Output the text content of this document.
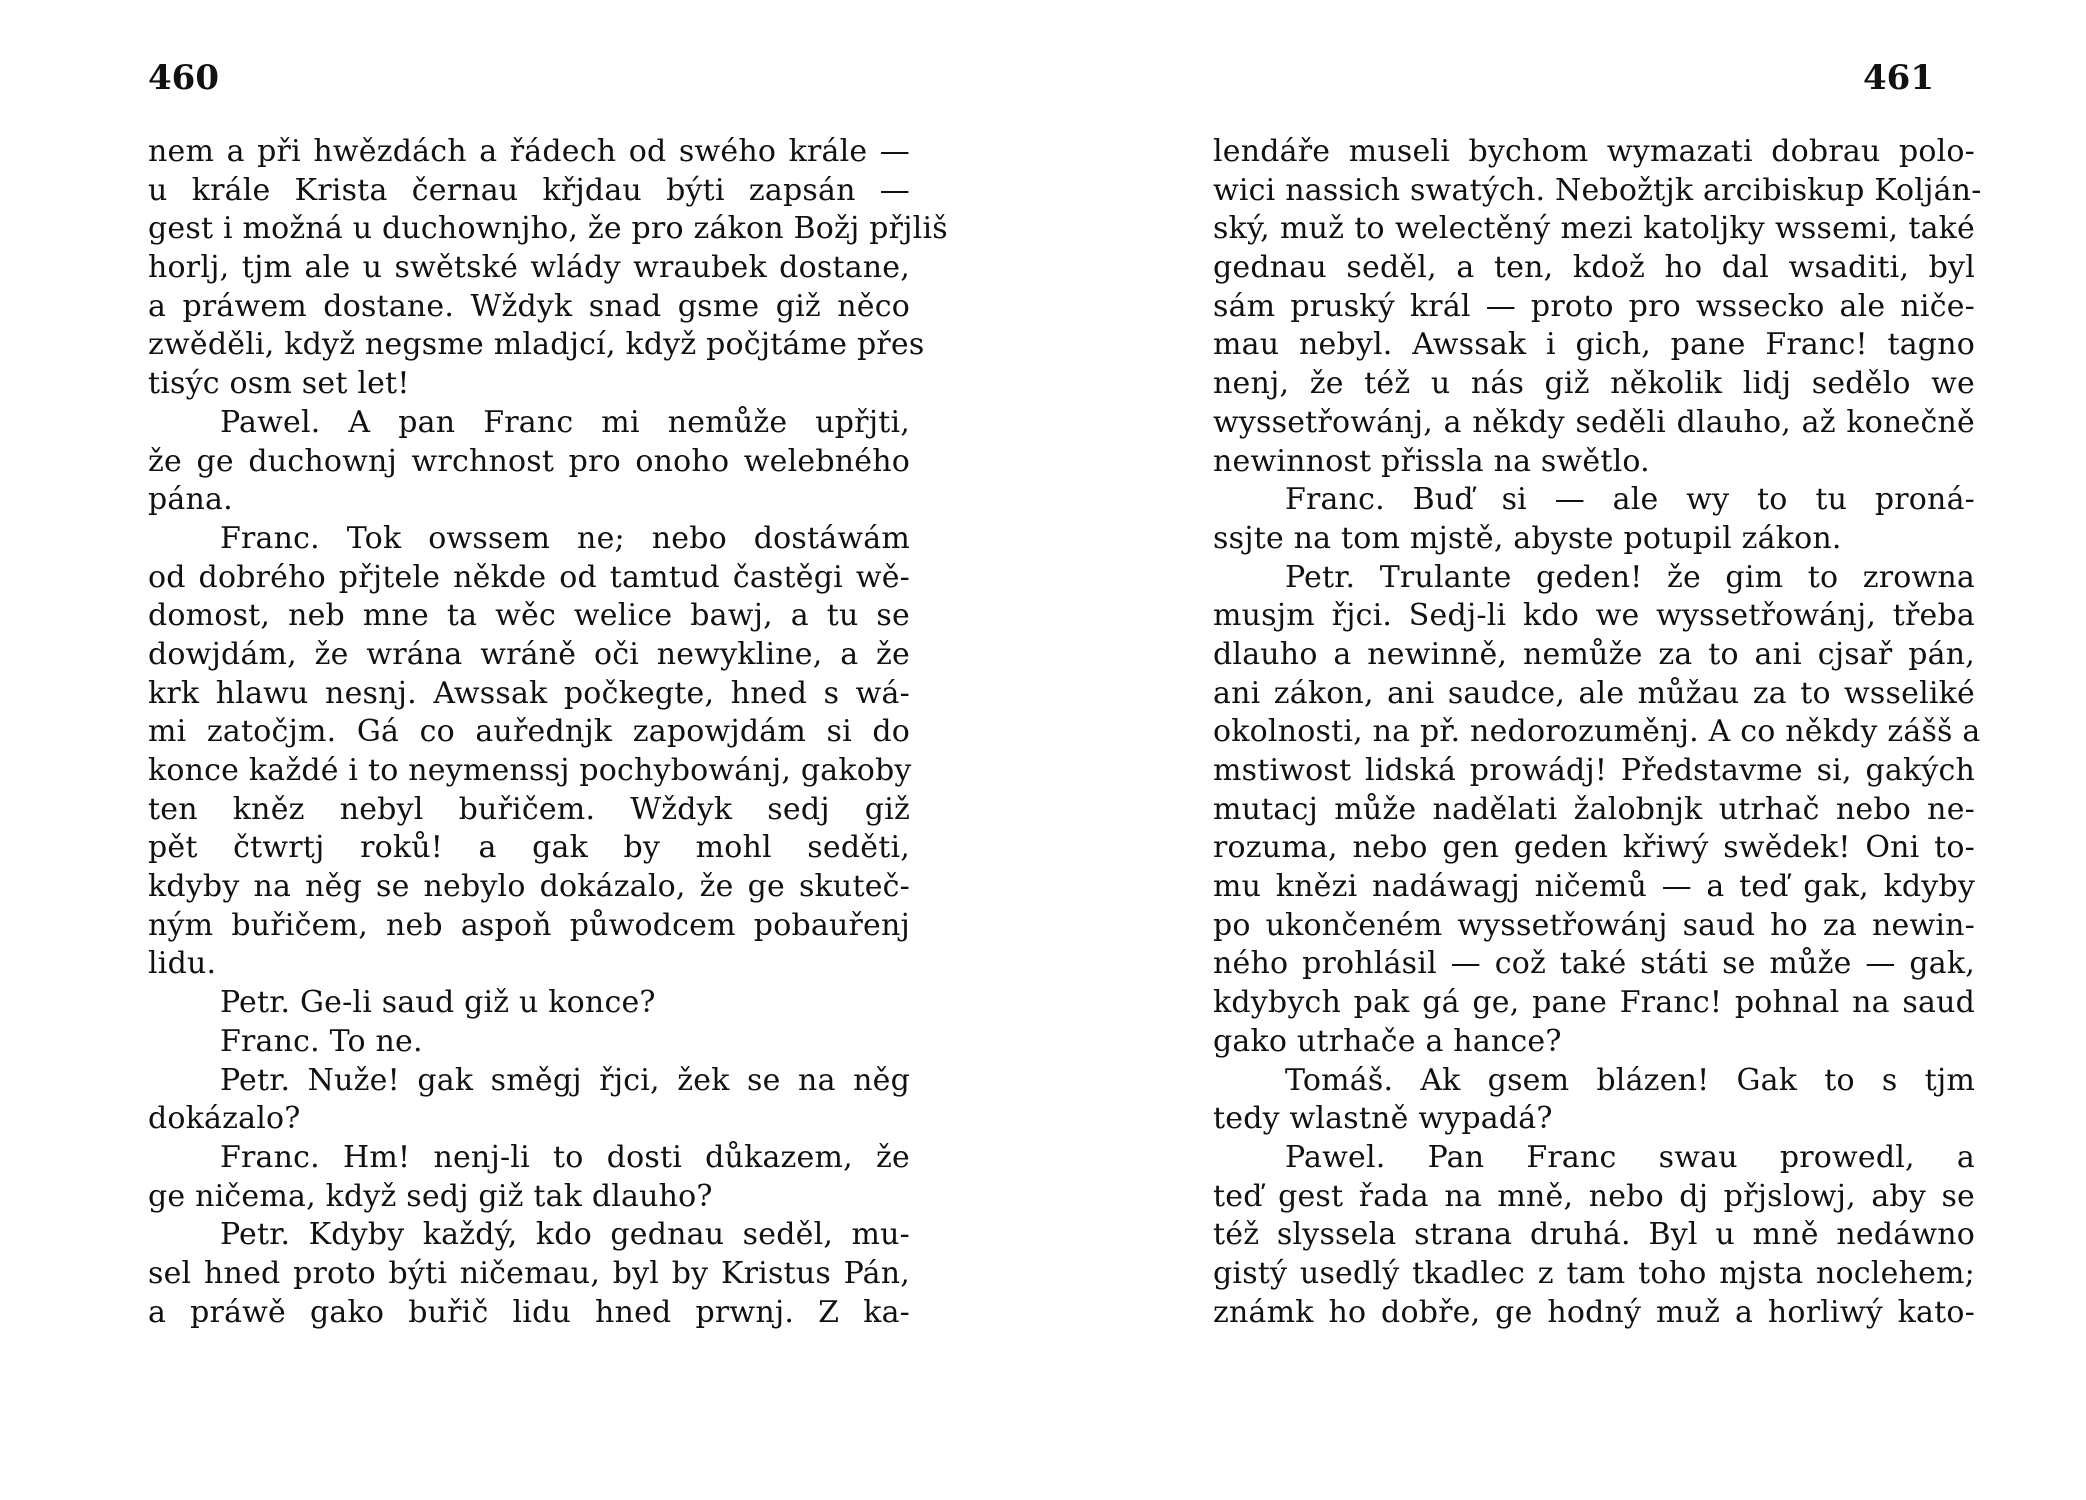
460
nem a při hwězdách a řádech od swého krále —
u krále Krista černau křjdau býti zapsán —
gest i možná u duchownjho, že pro zákon Božj přjliš
horlj, tjm ale u swětské wlády wraubek dostane,
a práwem dostane. Wždyk snad gsme giž něco
zwěděli, když negsme mladjcí, když počjtáme přes
tisýc osm set let!
Pawel. A pan Franc mi nemůže upřjti,
že ge duchownj wrchnost pro onoho welebného
pána.
Franc. Tok owssem ne; nebo dostáwám
od dobrého přjtele někde od tamtud častěgi wě-
domost, neb mne ta wěc welice bawj, a tu se
dowjdám, že wrána wráně oči newykline, a že
krk hlawu nesnj. Awssak počkegte, hned s wá-
mi zatočjm. Gá co auřednjk zapowjdám si do
konce každé i to neymenssj pochybowánj, gakoby
ten kněz nebyl buřičem. Wždyk sedj giž
pět čtwrtj roků! a gak by mohl seděti,
kdyby na něg se nebylo dokázalo, že ge skuteč-
ným buřičem, neb aspoň půwodcem pobauřenj
lidu.
Petr. Ge-li saud giž u konce?
Franc. To ne.
Petr. Nuže! gak směgj řjci, žek se na něg
dokázalo?
Franc. Hm! nenj-li to dosti důkazem, že
ge ničema, když sedj giž tak dlauho?
Petr. Kdyby každý, kdo gednau seděl, mu-
sel hned proto býti ničemau, byl by Kristus Pán,
a práwě gako buřič lidu hned prwnj. Z ka-
461
lendáře museli bychom wymazati dobrau polo-
wici nassich swatých. Nebožtjk arcibiskup Kolján-
ský, muž to welectěný mezi katoljky wssemi, také
gednau seděl, a ten, kdož ho dal wsaditi, byl
sám pruský král — proto pro wssecko ale niče-
mau nebyl. Awssak i gich, pane Franc! tagno
nenj, že též u nás giž několik lidj sedělo we
wyssetřowánj, a někdy seděli dlauho, až konečně
newinnost přissla na swětlo.
Franc. Buď si — ale wy to tu proná-
ssjte na tom mjstě, abyste potupil zákon.
Petr. Trulante geden! že gim to zrowna
musjm řjci. Sedj-li kdo we wyssetřowánj, třeba
dlauho a newinně, nemůže za to ani cjsař pán,
ani zákon, ani saudce, ale můžau za to wsseliké
okolnosti, na př. nedorozuměnj. A co někdy zášš a
mstiwost lidská prowádj! Představme si, gakých
mutacj může nadělati žalobnjk utrhač nebo ne-
rozuma, nebo gen geden křiwý swědek! Oni to-
mu knězi nadáwagj ničemů — a teď gak, kdyby
po ukončeném wyssetřowánj saud ho za newin-
ného prohlásil — což také státi se může — gak,
kdybych pak gá ge, pane Franc! pohnal na saud
gako utrhače a hance?
Tomáš. Ak gsem blázen! Gak to s tjm
tedy wlastně wypadá?
Pawel. Pan Franc swau prowedl, a
teď gest řada na mně, nebo dj přjslowj, aby se
též slyssela strana druhá. Byl u mně nedáwno
gistý usedlý tkadlec z tam toho mjsta noclehem;
známk ho dobře, ge hodný muž a horliwý kato-
